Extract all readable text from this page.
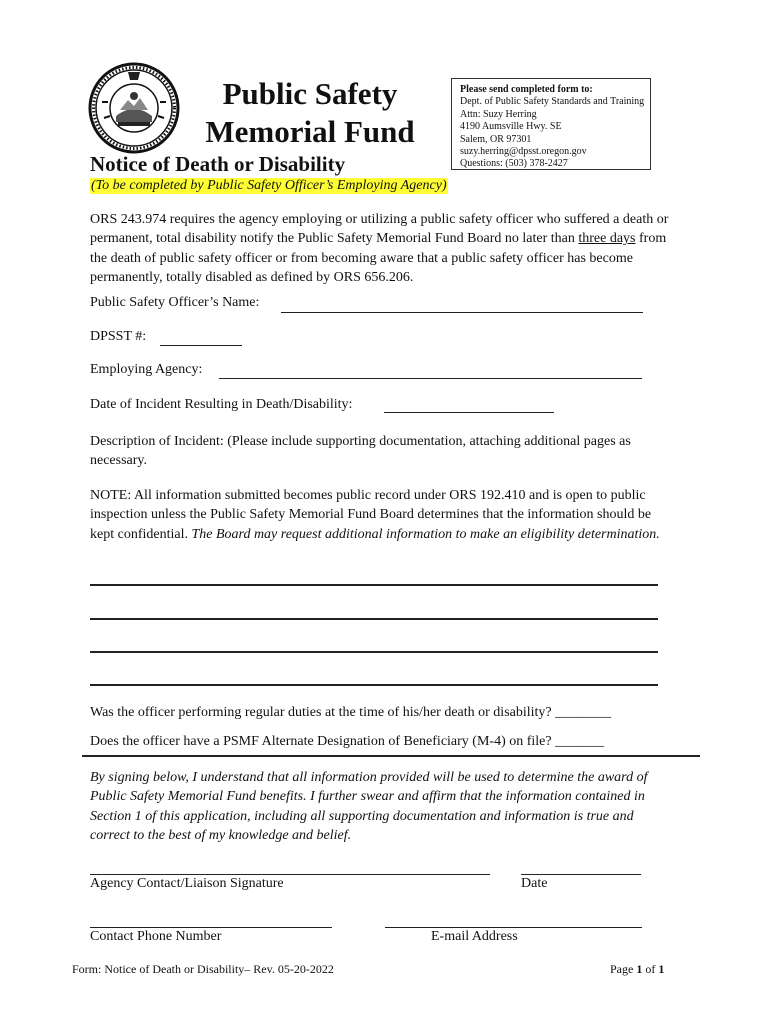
Public Safety
Memorial Fund
Notice of Death or Disability
Please send completed form to:
Dept. of Public Safety Standards and Training
Attn: Suzy Herring
4190 Aumsville Hwy. SE
Salem, OR 97301
suzy.herring@dpsst.oregon.gov
Questions: (503) 378-2427
(To be completed by Public Safety Officer’s Employing Agency)
ORS 243.974 requires the agency employing or utilizing a public safety officer who suffered a death or permanent, total disability notify the Public Safety Memorial Fund Board no later than three days from the death of public safety officer or from becoming aware that a public safety officer has become permanently, totally disabled as defined by ORS 656.206.
Public Safety Officer’s Name:
DPSST #:
Employing Agency:
Date of Incident Resulting in Death/Disability:
Description of Incident: (Please include supporting documentation, attaching additional pages as necessary.
NOTE: All information submitted becomes public record under ORS 192.410 and is open to public inspection unless the Public Safety Memorial Fund Board determines that the information should be kept confidential. The Board may request additional information to make an eligibility determination.
Was the officer performing regular duties at the time of his/her death or disability? ________
Does the officer have a PSMF Alternate Designation of Beneficiary (M-4) on file? _______
By signing below, I understand that all information provided will be used to determine the award of Public Safety Memorial Fund benefits. I further swear and affirm that the information contained in Section 1 of this application, including all supporting documentation and information is true and correct to the best of my knowledge and belief.
Agency Contact/Liaison Signature	Date
Contact Phone Number	E-mail Address
Form: Notice of Death or Disability– Rev. 05-20-2022	Page 1 of 1
